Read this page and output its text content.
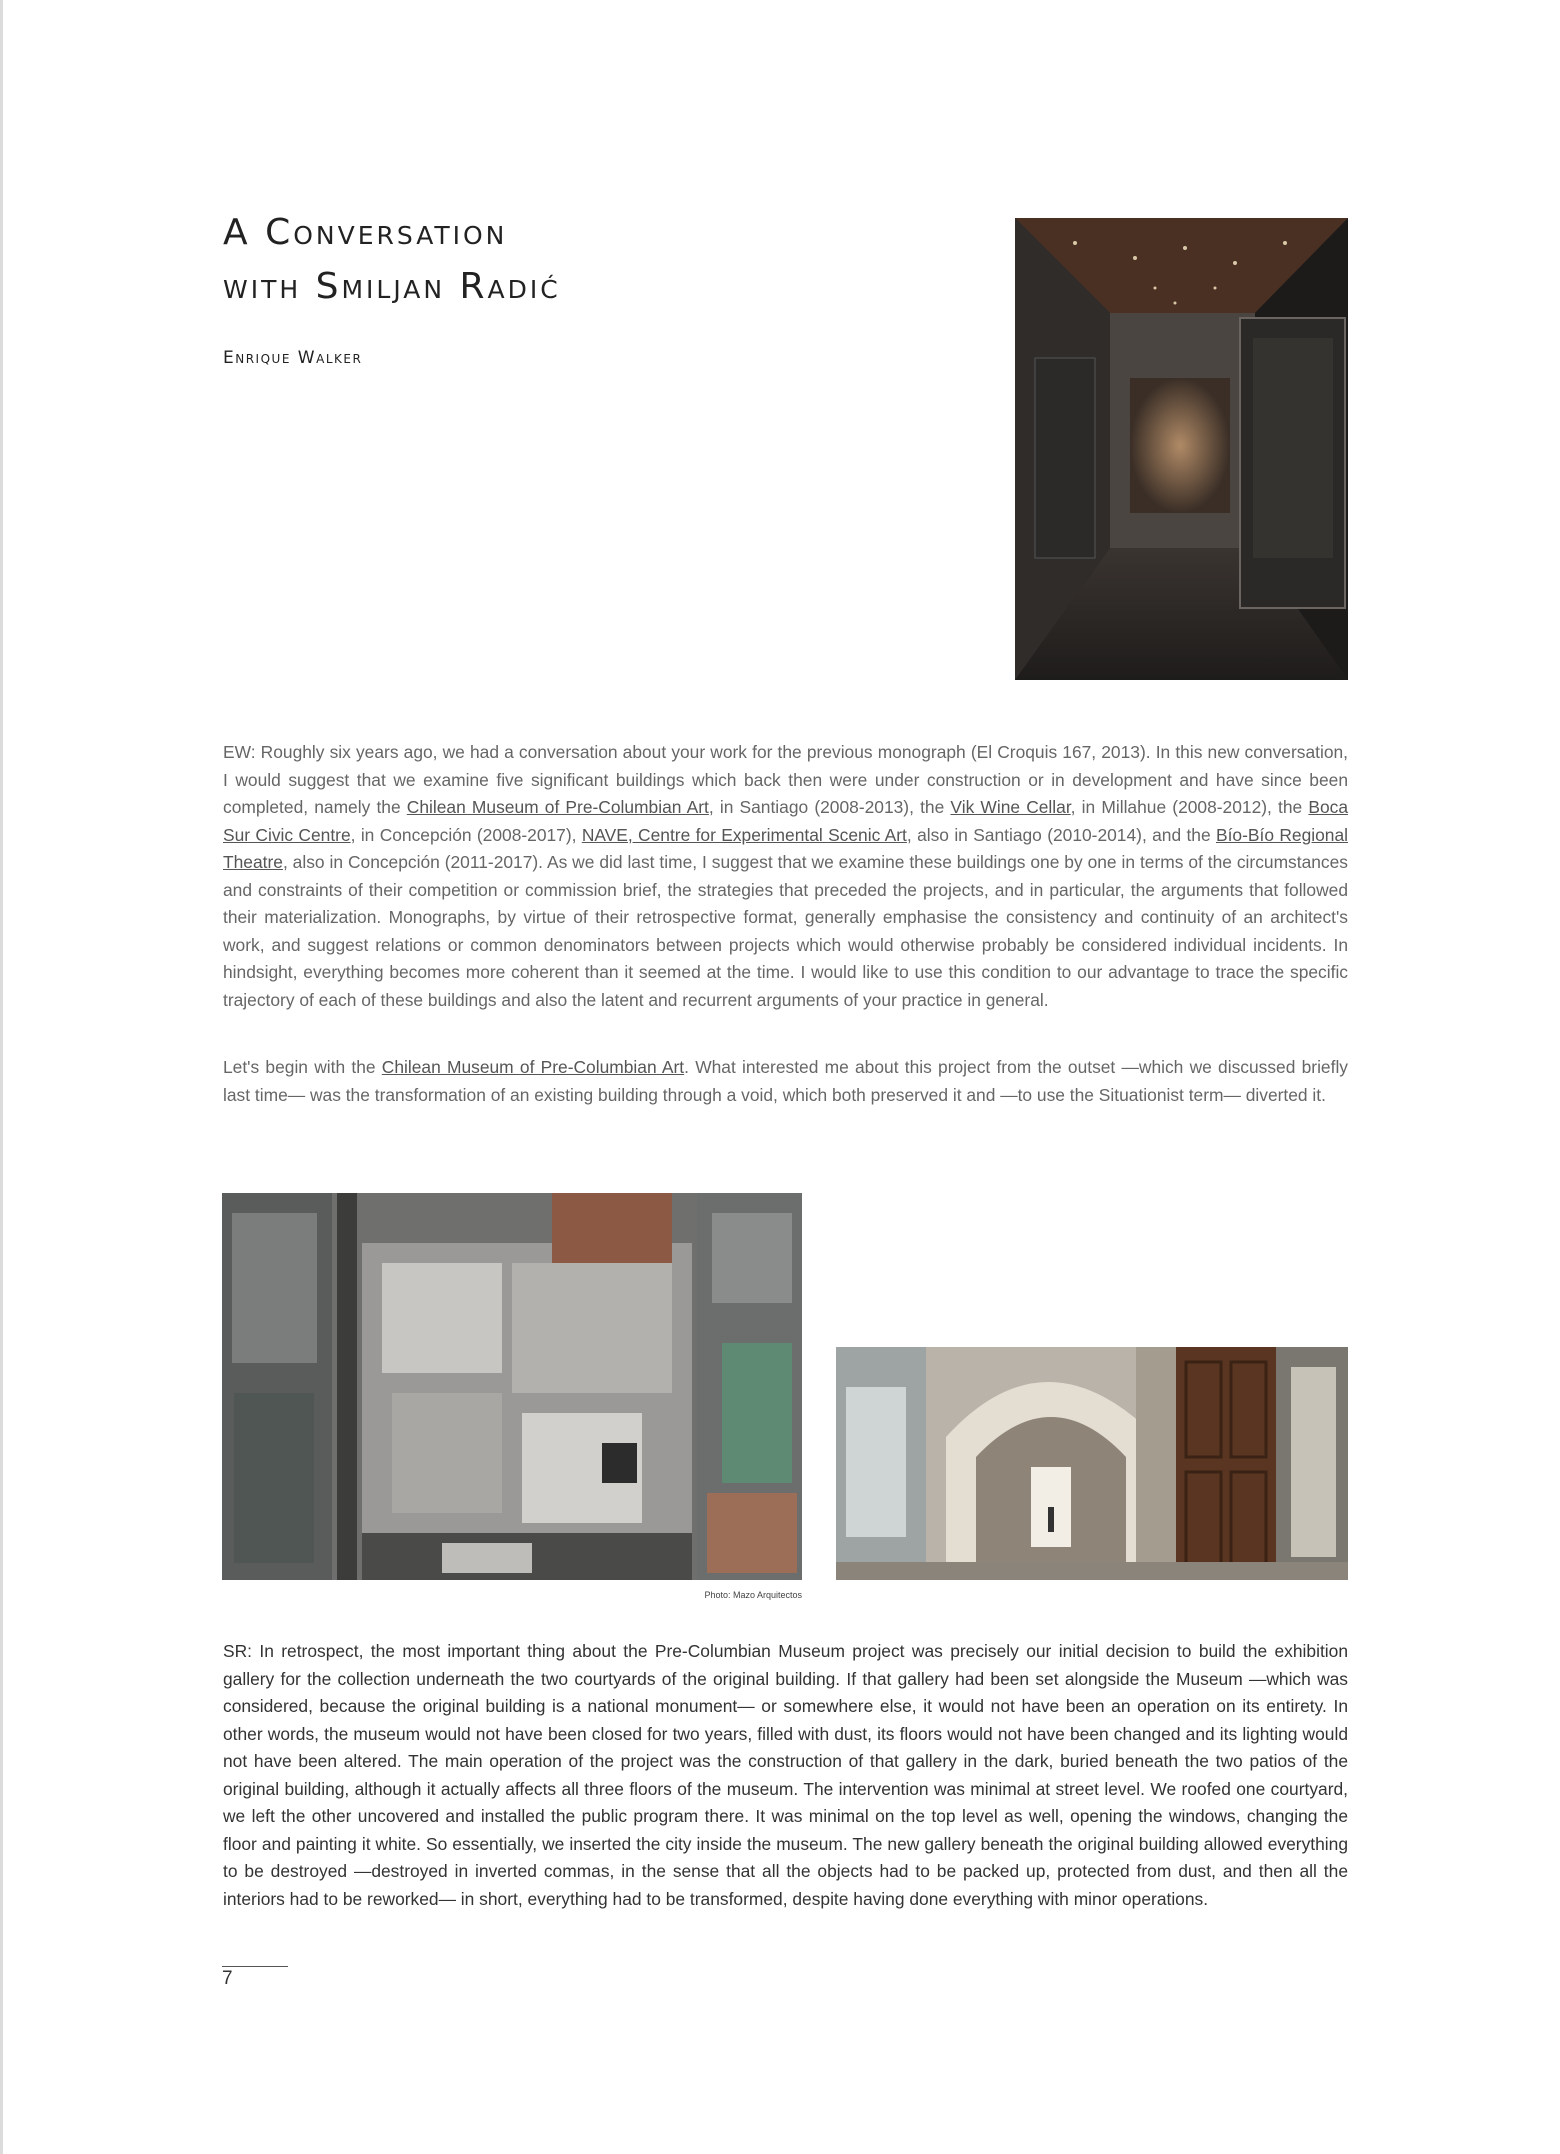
A Conversation
with Smiljan Radić
Enrique Walker

EW: Roughly six years ago, we had a conversation about your work for the previous monograph (El Croquis 167, 2013). In this new conversation, I would suggest that we examine five significant buildings which back then were under construction or in development and have since been completed, namely the Chilean Museum of Pre-Columbian Art, in Santiago (2008-2013), the Vik Wine Cellar, in Millahue (2008-2012), the Boca Sur Civic Centre, in Concepción (2008-2017), NAVE, Centre for Experimental Scenic Art, also in Santiago (2010-2014), and the Bío-Bío Regional Theatre, also in Concepción (2011-2017). As we did last time, I suggest that we examine these buildings one by one in terms of the circumstances and constraints of their competition or commission brief, the strategies that preceded the projects, and in particular, the arguments that followed their materialization. Monographs, by virtue of their retrospective format, generally emphasise the consistency and continuity of an architect's work, and suggest relations or common denominators between projects which would otherwise probably be considered individual incidents. In hindsight, everything becomes more coherent than it seemed at the time. I would like to use this condition to our advantage to trace the specific trajectory of each of these buildings and also the latent and recurrent arguments of your practice in general.

Let's begin with the Chilean Museum of Pre-Columbian Art. What interested me about this project from the outset —which we discussed briefly last time— was the transformation of an existing building through a void, which both preserved it and —to use the Situationist term— diverted it.

Photo: Mazo Arquitectos

SR: In retrospect, the most important thing about the Pre-Columbian Museum project was precisely our initial decision to build the exhibition gallery for the collection underneath the two courtyards of the original building. If that gallery had been set alongside the Museum —which was considered, because the original building is a national monument— or somewhere else, it would not have been an operation on its entirety. In other words, the museum would not have been closed for two years, filled with dust, its floors would not have been changed and its lighting would not have been altered. The main operation of the project was the construction of that gallery in the dark, buried beneath the two patios of the original building, although it actually affects all three floors of the museum. The intervention was minimal at street level. We roofed one courtyard, we left the other uncovered and installed the public program there. It was minimal on the top level as well, opening the windows, changing the floor and painting it white. So essentially, we inserted the city inside the museum. The new gallery beneath the original building allowed everything to be destroyed —destroyed in inverted commas, in the sense that all the objects had to be packed up, protected from dust, and then all the interiors had to be reworked— in short, everything had to be transformed, despite having done everything with minor operations.

7
